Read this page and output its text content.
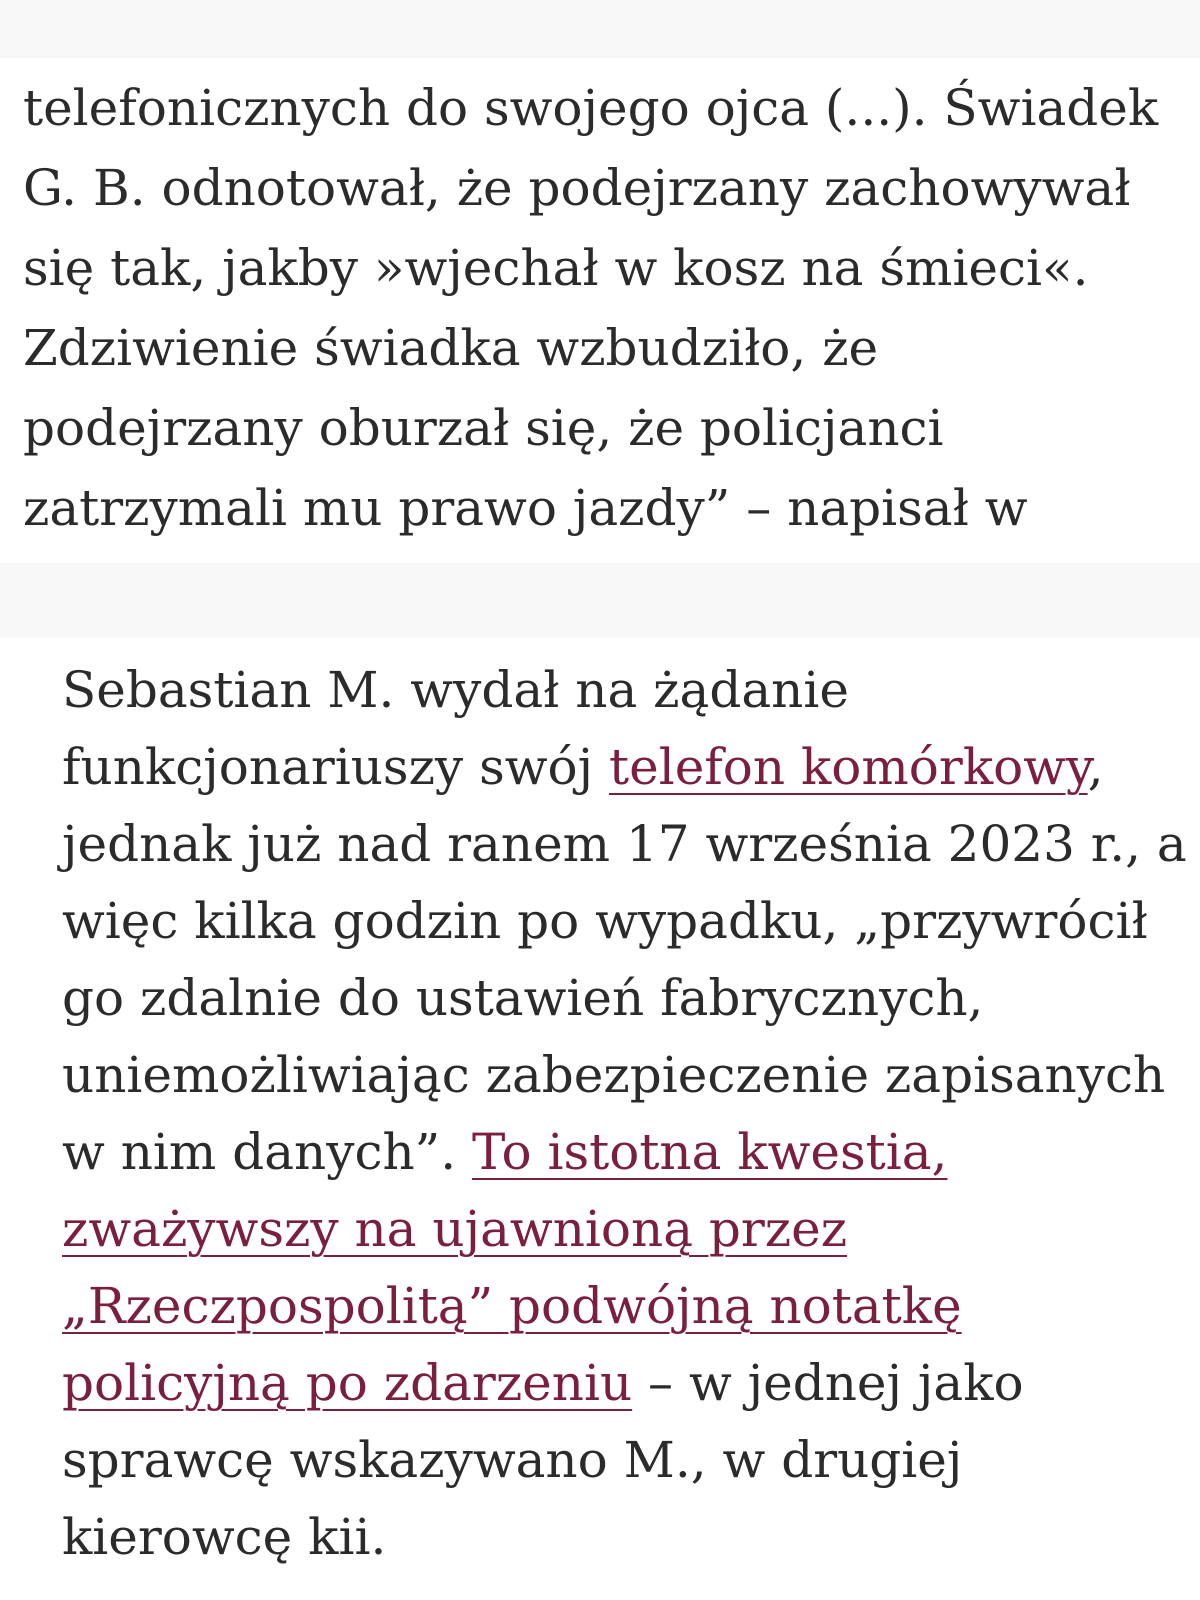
telefonicznych do swojego ojca (...). Świadek
G. B. odnotował, że podejrzany zachowywał
się tak, jakby »wjechał w kosz na śmieci«.
Zdziwienie świadka wzbudziło, że
podejrzany oburzał się, że policjanci
zatrzymali mu prawo jazdy” – napisał w

Sebastian M. wydał na żądanie
funkcjonariuszy swój telefon komórkowy,
jednak już nad ranem 17 września 2023 r., a
więc kilka godzin po wypadku, „przywrócił
go zdalnie do ustawień fabrycznych,
uniemożliwiając zabezpieczenie zapisanych
w nim danych”. To istotna kwestia,
zważywszy na ujawnioną przez
„Rzeczpospolitą” podwójną notatkę
policyjną po zdarzeniu – w jednej jako
sprawcę wskazywano M., w drugiej
kierowcę kii.
